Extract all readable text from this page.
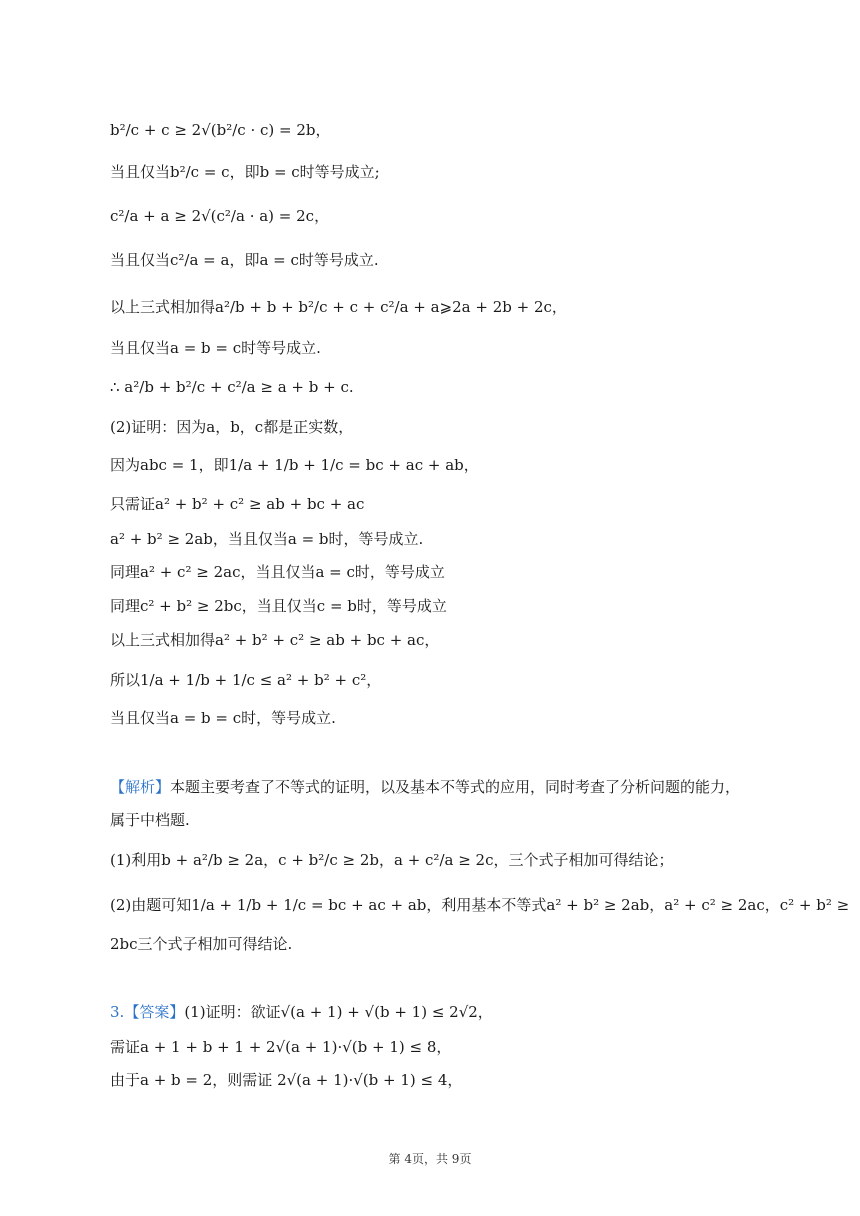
b²/c + c ≥ 2√(b²/c · c) = 2b，
当且仅当b²/c = c，即b = c时等号成立;
c²/a + a ≥ 2√(c²/a · a) = 2c，
当且仅当c²/a = a，即a = c时等号成立.
以上三式相加得a²/b + b + b²/c + c + c²/a + a⩾2a + 2b + 2c，
当且仅当a = b = c时等号成立.
∴ a²/b + b²/c + c²/a ≥ a + b + c.
(2)证明：因为a，b，c都是正实数，
因为abc = 1，即1/a + 1/b + 1/c = bc + ac + ab，
只需证a² + b² + c² ≥ ab + bc + ac
a² + b² ≥ 2ab，当且仅当a = b时，等号成立.
同理a² + c² ≥ 2ac，当且仅当a = c时，等号成立
同理c² + b² ≥ 2bc，当且仅当c = b时，等号成立
以上三式相加得a² + b² + c² ≥ ab + bc + ac，
所以1/a + 1/b + 1/c ≤ a² + b² + c²，
当且仅当a = b = c时，等号成立.
【解析】本题主要考查了不等式的证明，以及基本不等式的应用，同时考查了分析问题的能力，
属于中档题.
(1)利用b + a²/b ≥ 2a，c + b²/c ≥ 2b，a + c²/a ≥ 2c，三个式子相加可得结论；
(2)由题可知1/a + 1/b + 1/c = bc + ac + ab，利用基本不等式a² + b² ≥ 2ab，a² + c² ≥ 2ac，c² + b² ≥
2bc三个式子相加可得结论.
3.【答案】(1)证明：欲证√(a + 1) + √(b + 1) ≤ 2√2，
需证a + 1 + b + 1 + 2√(a + 1)·√(b + 1) ≤ 8，
由于a + b = 2，则需证 2√(a + 1)·√(b + 1) ≤ 4，
第 4页，共 9页
